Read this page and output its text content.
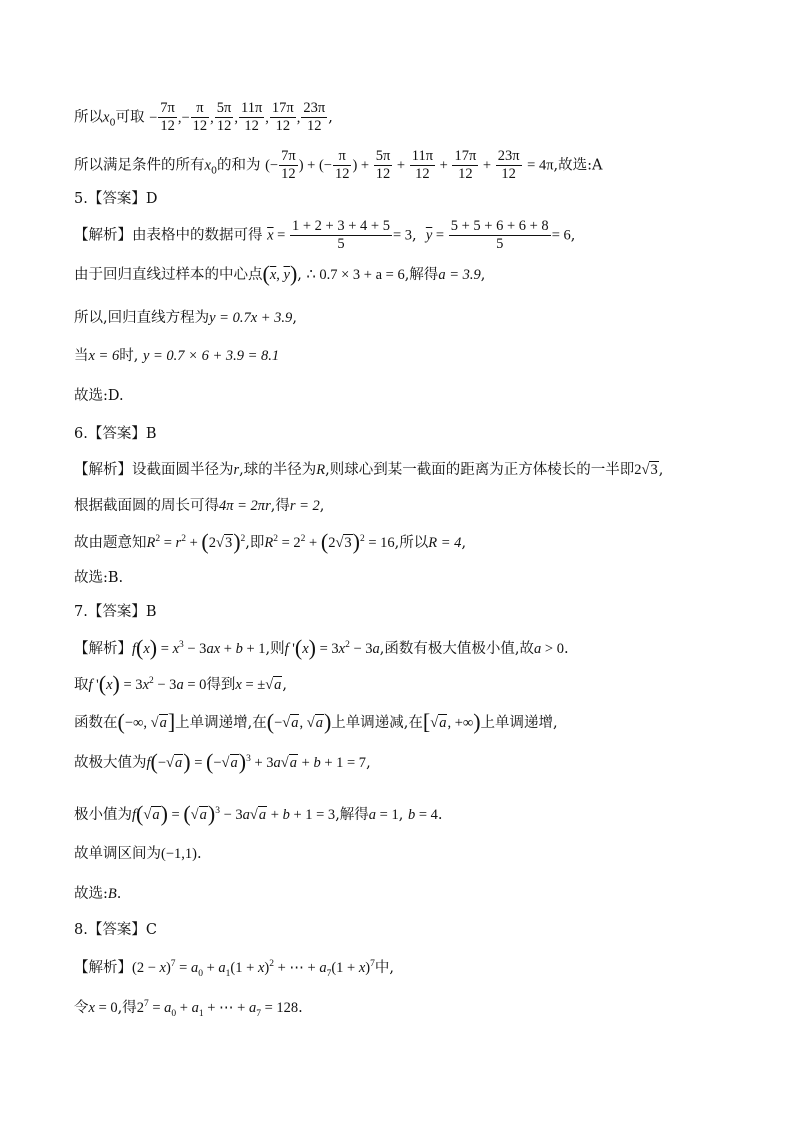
所以$x_0$可取 − $\frac{7\pi}{12}$ ,− $\frac{\pi}{12}$ , $\frac{5\pi}{12}$ , $\frac{11\pi}{12}$ , $\frac{17\pi}{12}$ , $\frac{23\pi}{12}$ ,
所以满足条件的所有$x_0$的和为 (− $\frac{7\pi}{12}$ ) + (− $\frac{\pi}{12}$ ) + $\frac{5\pi}{12} + \frac{11\pi}{12} + \frac{17\pi}{12} + \frac{23\pi}{12} = 4\pi$,故选:A
5.【答案】D
【解析】由表格中的数据可得 $\overline{x} = \frac{1 + 2 + 3 + 4 + 5}{5} = 3$,  $\overline{y} = \frac{5 + 5 + 6 + 6 + 8}{5} = 6$,
由于回归直线过样本的中心点($\overline{x}$, $\overline{y}$), ∴ 0.7 × 3 + a = 6,解得a = 3.9,
所以,回归直线方程为y = 0.7x + 3.9,
当x = 6时, y = 0.7 × 6 + 3.9 = 8.1
故选:D.
6.【答案】B
【解析】设截面圆半径为r,球的半径为R,则球心到某一截面的距离为正方体棱长的一半即2√3,
根据截面圆的周长可得4π = 2πr,得r = 2,
故由题意知$R^2 = r^2 + (2√3)^2$,即$R^2 = 2^2 + (2√3)^2 = 16$,所以R = 4,
故选:B.
7.【答案】B
【解析】$f(x) = x^3 - 3ax + b + 1$,则f '$(x) = 3x^2 - 3a$,函数有极大值极小值,故a > 0.
取f '$(x) = 3x^2 - 3a = 0$得到x = ±√a,
函数在(−∞, √a]上单调递增,在(−√a, √a)上单调递减,在[√a, +∞)上单调递增,
故极大值为$f(-√a) = (-√a)^3 + 3a√a + b + 1 = 7$,
极小值为$f(√a) = (√a)^3 - 3a√a + b + 1 = 3$,解得a = 1, b = 4.
故单调区间为(−1,1).
故选:B.
8.【答案】C
【解析】$(2 - x)^7 = a_0 + a_1(1 + x)^2$ + ⋯ + $a_7(1 + x)^7$中,
令x = 0,得$2^7 = a_0 + a_1$ + ⋯ + $a_7 = 128$.
